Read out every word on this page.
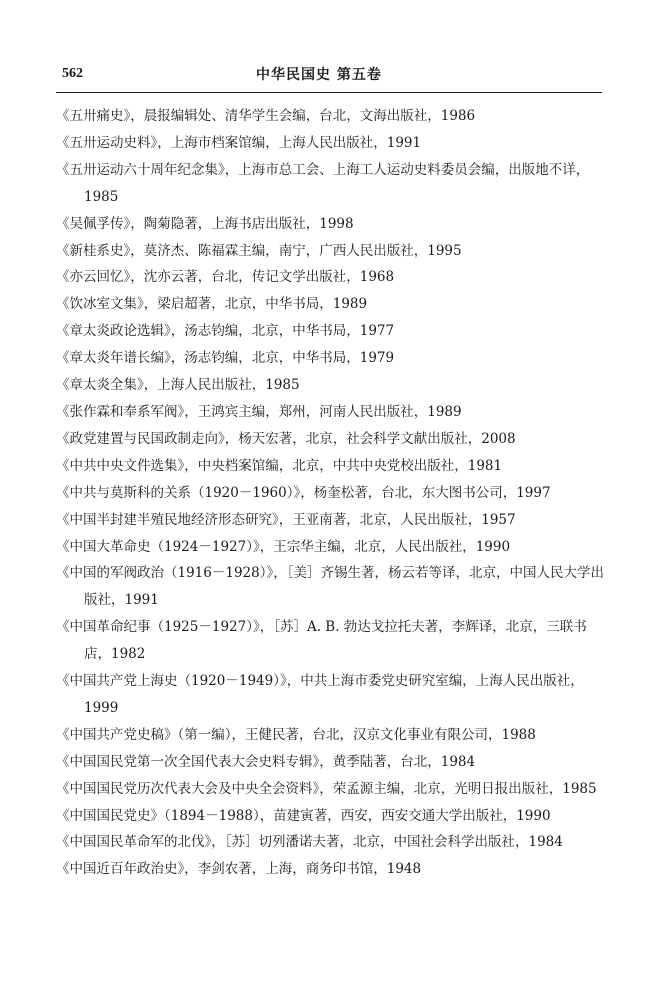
562	中华民国史 第五卷
《五卅痛史》，晨报编辑处、清华学生会编，台北，文海出版社，1986
《五卅运动史料》，上海市档案馆编，上海人民出版社，1991
《五卅运动六十周年纪念集》，上海市总工会、上海工人运动史料委员会编，出版地不详，1985
《吴佩孚传》，陶菊隐著，上海书店出版社，1998
《新桂系史》，莫济杰、陈福霖主编，南宁，广西人民出版社，1995
《亦云回忆》，沈亦云著，台北，传记文学出版社，1968
《饮冰室文集》，梁启超著，北京，中华书局，1989
《章太炎政论选辑》，汤志钧编，北京，中华书局，1977
《章太炎年谱长编》，汤志钧编，北京，中华书局，1979
《章太炎全集》，上海人民出版社，1985
《张作霖和奉系军阀》，王鸿宾主编，郑州，河南人民出版社，1989
《政党建置与民国政制走向》，杨天宏著，北京，社会科学文献出版社，2008
《中共中央文件选集》，中央档案馆编，北京，中共中央党校出版社，1981
《中共与莫斯科的关系（1920－1960）》，杨奎松著，台北，东大图书公司，1997
《中国半封建半殖民地经济形态研究》，王亚南著，北京，人民出版社，1957
《中国大革命史（1924－1927）》，王宗华主编，北京，人民出版社，1990
《中国的军阀政治（1916－1928）》，［美］齐锡生著，杨云若等译，北京，中国人民大学出版社，1991
《中国革命纪事（1925－1927）》，［苏］A. B. 勃达戈拉托夫著，李辉译，北京，三联书店，1982
《中国共产党上海史（1920－1949）》，中共上海市委党史研究室编，上海人民出版社，1999
《中国共产党史稿》（第一编），王健民著，台北，汉京文化事业有限公司，1988
《中国国民党第一次全国代表大会史料专辑》，黄季陆著，台北，1984
《中国国民党历次代表大会及中央全会资料》，荣孟源主编，北京，光明日报出版社，1985
《中国国民党史》（1894－1988），苗建寅著，西安，西安交通大学出版社，1990
《中国国民革命军的北伐》，［苏］切列潘诺夫著，北京，中国社会科学出版社，1984
《中国近百年政治史》，李剑农著，上海，商务印书馆，1948
